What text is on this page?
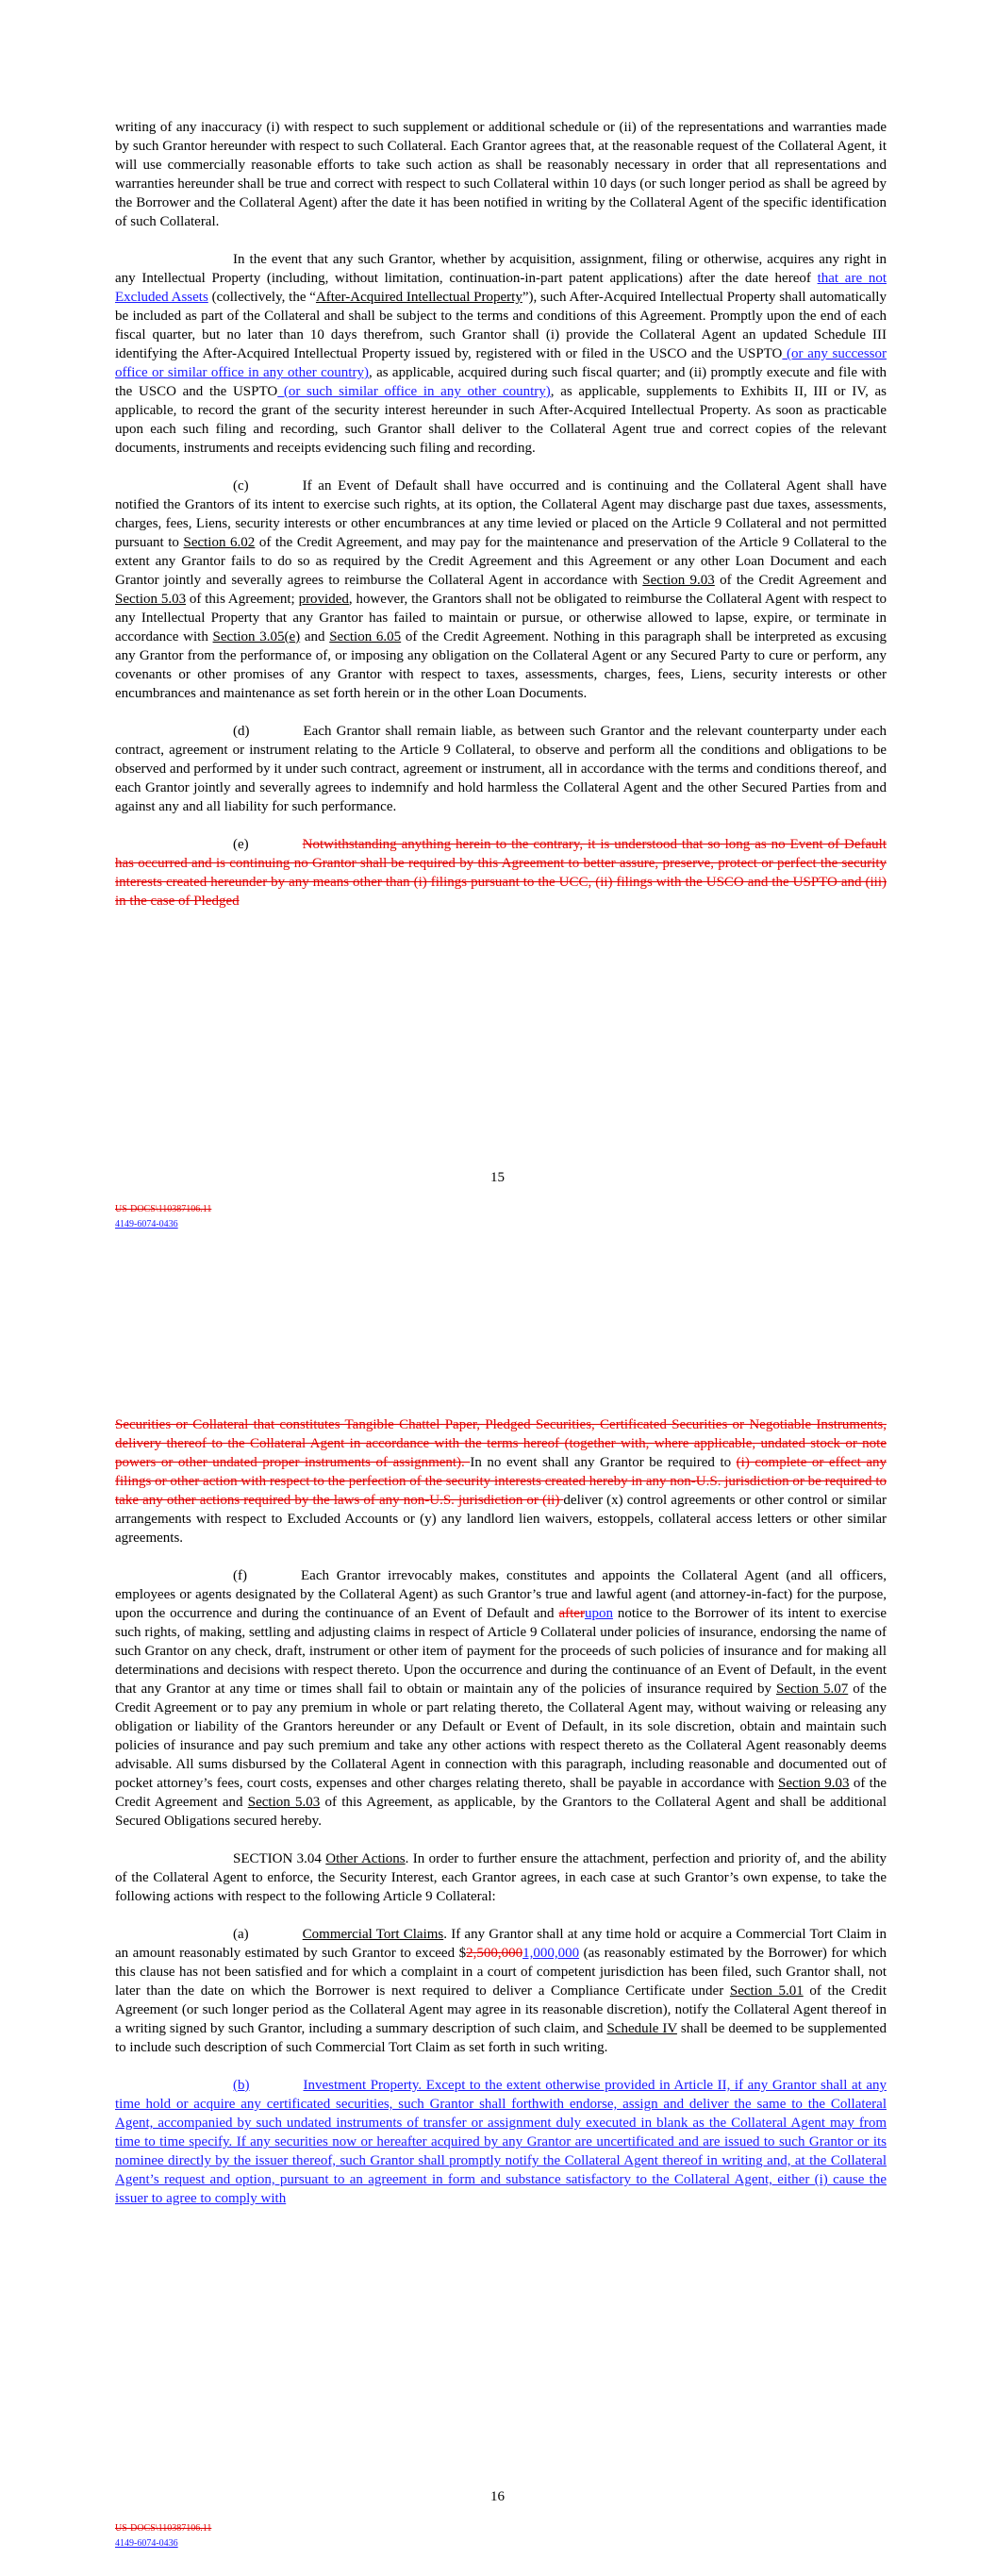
writing of any inaccuracy (i) with respect to such supplement or additional schedule or (ii) of the representations and warranties made by such Grantor hereunder with respect to such Collateral. Each Grantor agrees that, at the reasonable request of the Collateral Agent, it will use commercially reasonable efforts to take such action as shall be reasonably necessary in order that all representations and warranties hereunder shall be true and correct with respect to such Collateral within 10 days (or such longer period as shall be agreed by the Borrower and the Collateral Agent) after the date it has been notified in writing by the Collateral Agent of the specific identification of such Collateral.

In the event that any such Grantor, whether by acquisition, assignment, filing or otherwise, acquires any right in any Intellectual Property (including, without limitation, continuation-in-part patent applications) after the date hereof that are not Excluded Assets (collectively, the “After-Acquired Intellectual Property”), such After-Acquired Intellectual Property shall automatically be included as part of the Collateral and shall be subject to the terms and conditions of this Agreement. Promptly upon the end of each fiscal quarter, but no later than 10 days therefrom, such Grantor shall (i) provide the Collateral Agent an updated Schedule III identifying the After-Acquired Intellectual Property issued by, registered with or filed in the USCO and the USPTO (or any successor office or similar office in any other country), as applicable, acquired during such fiscal quarter; and (ii) promptly execute and file with the USCO and the USPTO (or such similar office in any other country), as applicable, supplements to Exhibits II, III or IV, as applicable, to record the grant of the security interest hereunder in such After-Acquired Intellectual Property. As soon as practicable upon each such filing and recording, such Grantor shall deliver to the Collateral Agent true and correct copies of the relevant documents, instruments and receipts evidencing such filing and recording.

(c)	If an Event of Default shall have occurred and is continuing and the Collateral Agent shall have notified the Grantors of its intent to exercise such rights, at its option, the Collateral Agent may discharge past due taxes, assessments, charges, fees, Liens, security interests or other encumbrances at any time levied or placed on the Article 9 Collateral and not permitted pursuant to Section 6.02 of the Credit Agreement, and may pay for the maintenance and preservation of the Article 9 Collateral to the extent any Grantor fails to do so as required by the Credit Agreement and this Agreement or any other Loan Document and each Grantor jointly and severally agrees to reimburse the Collateral Agent in accordance with Section 9.03 of the Credit Agreement and Section 5.03 of this Agreement; provided, however, the Grantors shall not be obligated to reimburse the Collateral Agent with respect to any Intellectual Property that any Grantor has failed to maintain or pursue, or otherwise allowed to lapse, expire, or terminate in accordance with Section 3.05(e) and Section 6.05 of the Credit Agreement. Nothing in this paragraph shall be interpreted as excusing any Grantor from the performance of, or imposing any obligation on the Collateral Agent or any Secured Party to cure or perform, any covenants or other promises of any Grantor with respect to taxes, assessments, charges, fees, Liens, security interests or other encumbrances and maintenance as set forth herein or in the other Loan Documents.

(d)	Each Grantor shall remain liable, as between such Grantor and the relevant counterparty under each contract, agreement or instrument relating to the Article 9 Collateral, to observe and perform all the conditions and obligations to be observed and performed by it under such contract, agreement or instrument, all in accordance with the terms and conditions thereof, and each Grantor jointly and severally agrees to indemnify and hold harmless the Collateral Agent and the other Secured Parties from and against any and all liability for such performance.

(e)	Notwithstanding anything herein to the contrary, it is understood that so long as no Event of Default has occurred and is continuing no Grantor shall be required by this Agreement to better assure, preserve, protect or perfect the security interests created hereunder by any means other than (i) filings pursuant to the UCC, (ii) filings with the USCO and the USPTO and (iii) in the case of Pledged

15
US-DOCS\110387106.11
4149-6074-0436

Securities or Collateral that constitutes Tangible Chattel Paper, Pledged Securities, Certificated Securities or Negotiable Instruments, delivery thereof to the Collateral Agent in accordance with the terms hereof (together with, where applicable, undated stock or note powers or other undated proper instruments of assignment). In no event shall any Grantor be required to (i) complete or effect any filings or other action with respect to the perfection of the security interests created hereby in any non-U.S. jurisdiction or be required to take any other actions required by the laws of any non-U.S. jurisdiction or (ii) deliver (x) control agreements or other control or similar arrangements with respect to Excluded Accounts or (y) any landlord lien waivers, estoppels, collateral access letters or other similar agreements.

(f)	Each Grantor irrevocably makes, constitutes and appoints the Collateral Agent (and all officers, employees or agents designated by the Collateral Agent) as such Grantor’s true and lawful agent (and attorney-in-fact) for the purpose, upon the occurrence and during the continuance of an Event of Default and afterupon notice to the Borrower of its intent to exercise such rights, of making, settling and adjusting claims in respect of Article 9 Collateral under policies of insurance, endorsing the name of such Grantor on any check, draft, instrument or other item of payment for the proceeds of such policies of insurance and for making all determinations and decisions with respect thereto. Upon the occurrence and during the continuance of an Event of Default, in the event that any Grantor at any time or times shall fail to obtain or maintain any of the policies of insurance required by Section 5.07 of the Credit Agreement or to pay any premium in whole or part relating thereto, the Collateral Agent may, without waiving or releasing any obligation or liability of the Grantors hereunder or any Default or Event of Default, in its sole discretion, obtain and maintain such policies of insurance and pay such premium and take any other actions with respect thereto as the Collateral Agent reasonably deems advisable. All sums disbursed by the Collateral Agent in connection with this paragraph, including reasonable and documented out of pocket attorney’s fees, court costs, expenses and other charges relating thereto, shall be payable in accordance with Section 9.03 of the Credit Agreement and Section 5.03 of this Agreement, as applicable, by the Grantors to the Collateral Agent and shall be additional Secured Obligations secured hereby.

SECTION 3.04 Other Actions. In order to further ensure the attachment, perfection and priority of, and the ability of the Collateral Agent to enforce, the Security Interest, each Grantor agrees, in each case at such Grantor’s own expense, to take the following actions with respect to the following Article 9 Collateral:

(a)	Commercial Tort Claims. If any Grantor shall at any time hold or acquire a Commercial Tort Claim in an amount reasonably estimated by such Grantor to exceed $2,500,0001,000,000 (as reasonably estimated by the Borrower) for which this clause has not been satisfied and for which a complaint in a court of competent jurisdiction has been filed, such Grantor shall, not later than the date on which the Borrower is next required to deliver a Compliance Certificate under Section 5.01 of the Credit Agreement (or such longer period as the Collateral Agent may agree in its reasonable discretion), notify the Collateral Agent thereof in a writing signed by such Grantor, including a summary description of such claim, and Schedule IV shall be deemed to be supplemented to include such description of such Commercial Tort Claim as set forth in such writing.

(b)	Investment Property. Except to the extent otherwise provided in Article II, if any Grantor shall at any time hold or acquire any certificated securities, such Grantor shall forthwith endorse, assign and deliver the same to the Collateral Agent, accompanied by such undated instruments of transfer or assignment duly executed in blank as the Collateral Agent may from time to time specify. If any securities now or hereafter acquired by any Grantor are uncertificated and are issued to such Grantor or its nominee directly by the issuer thereof, such Grantor shall promptly notify the Collateral Agent thereof in writing and, at the Collateral Agent’s request and option, pursuant to an agreement in form and substance satisfactory to the Collateral Agent, either (i) cause the issuer to agree to comply with

16
US-DOCS\110387106.11
4149-6074-0436
